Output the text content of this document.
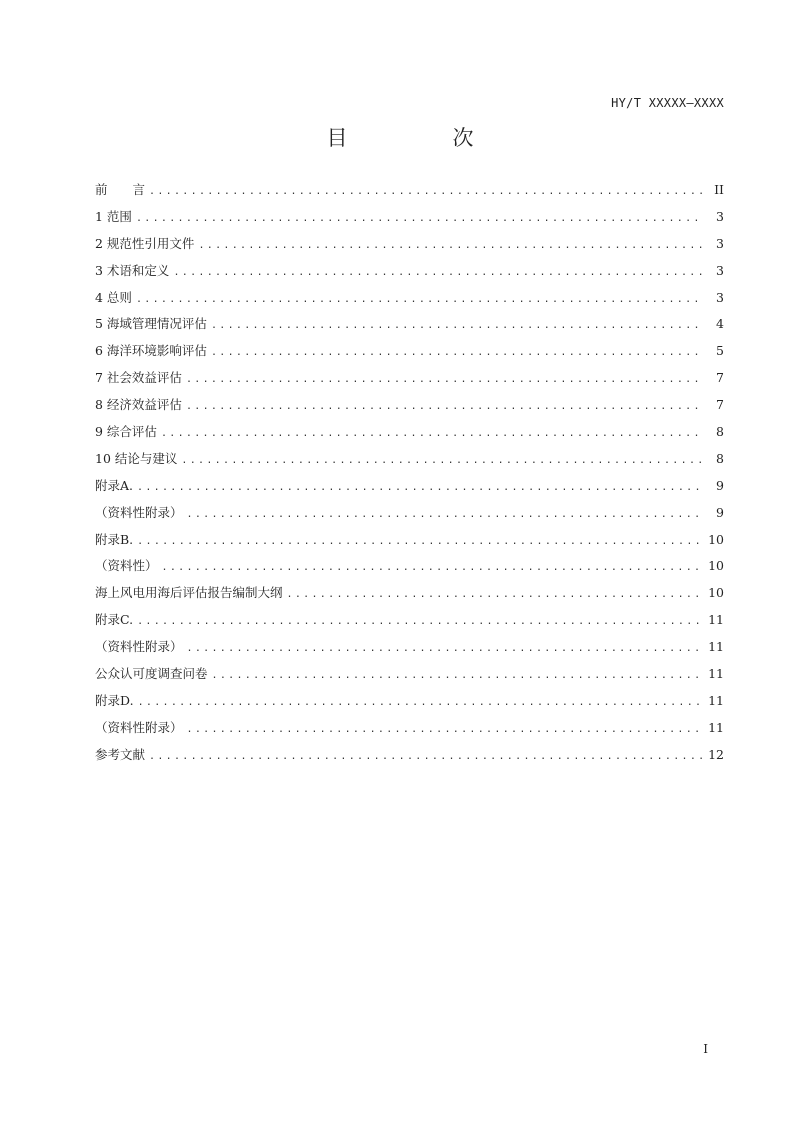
HY/T XXXXX—XXXX
目　次
前　　言 .....	II
1 范围 .....	3
2 规范性引用文件 .....	3
3 术语和定义 .....	3
4 总则 .....	3
5 海域管理情况评估 .....	4
6 海洋环境影响评估 .....	5
7 社会效益评估 .....	7
8 经济效益评估 .....	7
9 综合评估 .....	8
10 结论与建议 .....	8
附录A. .....	9
（资料性附录） .....	9
附录B. .....	10
（资料性） .....	10
海上风电用海后评估报告编制大纲 .....	10
附录C. .....	11
（资料性附录） .....	11
公众认可度调查问卷 .....	11
附录D. .....	11
（资料性附录） .....	11
参考文献 .....	12
I
